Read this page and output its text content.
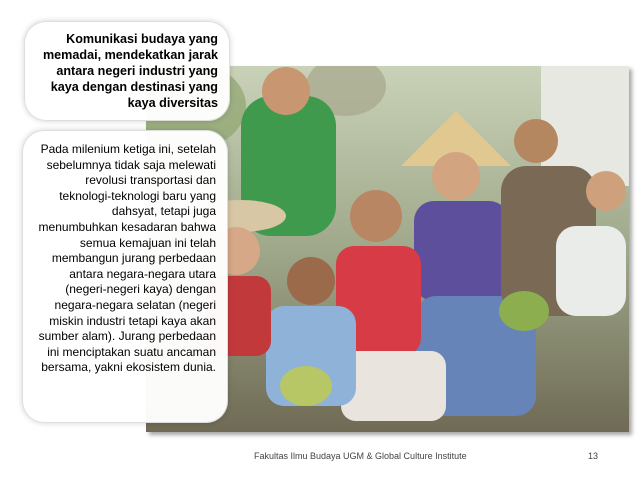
Komunikasi budaya yang memadai, mendekatkan jarak antara negeri industri yang kaya dengan destinasi yang kaya diversitas
Pada milenium ketiga ini, setelah sebelumnya tidak saja melewati revolusi transportasi dan teknologi-teknologi baru yang dahsyat, tetapi juga menumbuhkan kesadaran bahwa semua kemajuan ini telah membangun jurang perbedaan antara negara-negara utara (negeri-negeri kaya) dengan negara-negara selatan (negeri miskin industri tetapi kaya akan sumber alam). Jurang perbedaan ini menciptakan suatu ancaman bersama, yakni ekosistem dunia.
Fakultas Ilmu Budaya UGM & Global Culture Institute	13
